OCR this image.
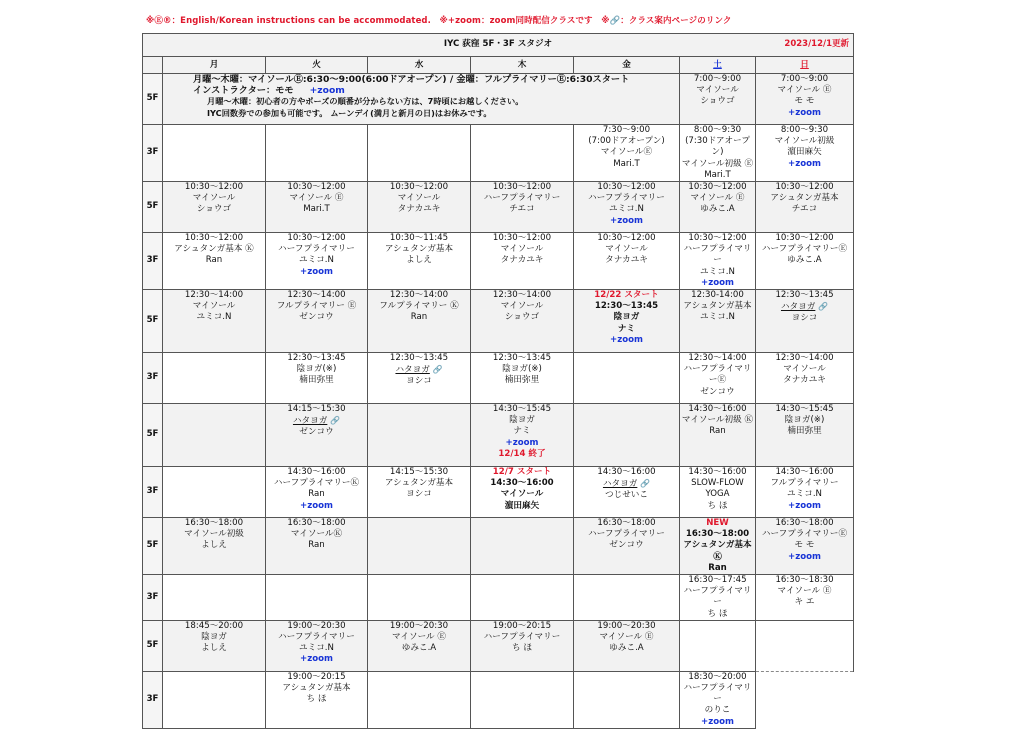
※Ⓔ®：English/Korean instructions can be accommodated.　※+zoom：zoom同時配信クラスです　※🔗：クラス案内ページのリンク
IYC 荻窪 5F・3F スタジオ 2023/12/1更新							

	月	火	水	木	金	土	日
5F	月曜～木曜：マイソールⒺ:6:30～9:00(6:00ドアオープン) / 金曜：フルプライマリーⒺ:6:30スタート
インストラクター：モモ +zoom
月曜～木曜：初心者の方やポーズの順番が分からない方は、7時頃にお越しください。
IYC回数券での参加も可能です。 ムーンデイ(満月と新月の日)はお休みです。					7:00～9:00
マイソール
ショウゴ	7:00～9:00
マイソール Ⓔ
モ モ
+zoom

3F					7:30～9:00
(7:00ドアオープン)
マイソールⒺ
Mari.T	8:00～9:30
(7:30ドアオープン)
マイソール初級 Ⓔ
Mari.T	8:00～9:30
マイソール初級
濵田麻矢
+zoom

5F	10:30～12:00
マイソール
ショウゴ	10:30～12:00
マイソール Ⓔ
Mari.T	10:30～12:00
マイソール
タナカユキ	10:30～12:00
ハーフプライマリー
チエコ	10:30～12:00
ハーフプライマリー
ユミコ.N
+zoom	10:30～12:00
マイソール Ⓔ
ゆみこ.A	10:30～12:00
アシュタンガ基本
チエコ

3F	10:30～12:00
アシュタンガ基本 Ⓚ
Ran	10:30～12:00
ハーフプライマリー
ユミコ.N
+zoom	10:30～11:45
アシュタンガ基本
よしえ	10:30～12:00
マイソール
タナカユキ	10:30～12:00
マイソール
タナカユキ	10:30～12:00
ハーフプライマリー
ユミコ.N
+zoom	10:30～12:00
ハーフプライマリーⒺ
ゆみこ.A

5F	12:30～14:00
マイソール
ユミコ.N	12:30～14:00
フルプライマリー Ⓔ
ゼンコウ	12:30～14:00
フルプライマリー Ⓚ
Ran	12:30～14:00
マイソール
ショウゴ	12/22 スタート
12:30～13:45
陰ヨガ
ナミ
+zoom	12:30-14:00
アシュタンガ基本
ユミコ.N	12:30～13:45
ハタヨガ 🔗
ヨシコ

3F		12:30～13:45
陰ヨガ(※)
楠田弥里	12:30～13:45
ハタヨガ 🔗
ヨシコ	12:30～13:45
陰ヨガ(※)
楠田弥里		12:30～14:00
ハーフプライマリーⒺ
ゼンコウ	12:30～14:00
マイソール
タナカユキ

5F		14:15～15:30
ハタヨガ 🔗
ゼンコウ		14:30～15:45
陰ヨガ
ナミ
+zoom
12/14 終了		14:30～16:00
マイソール初級 Ⓚ
Ran	14:30～15:45
陰ヨガ(※)
楠田弥里

3F		14:30～16:00
ハーフプライマリーⓀ
Ran
+zoom	14:15～15:30
アシュタンガ基本
ヨシコ	12/7 スタート
14:30～16:00
マイソール
濵田麻矢	14:30～16:00
ハタヨガ 🔗
つじせいこ	14:30～16:00
SLOW-FLOW YOGA
ち ほ	14:30～16:00
フルプライマリー
ユミコ.N
+zoom

5F	16:30～18:00
マイソール初級
よしえ	16:30～18:00
マイソールⓀ
Ran			16:30～18:00
ハーフプライマリー
ゼンコウ	NEW
16:30～18:00
アシュタンガ基本 Ⓚ
Ran	16:30～18:00
ハーフプライマリーⒺ
モ モ
+zoom

3F						16:30～17:45
ハーフプライマリー
ち ほ	16:30～18:30
マイソール Ⓔ
キ エ

5F	18:45～20:00
陰ヨガ
よしえ	19:00～20:30
ハーフプライマリー
ユミコ.N
+zoom	19:00～20:30
マイソール Ⓔ
ゆみこ.A	19:00～20:15
ハーフプライマリー
ち ほ	19:00～20:30
マイソール Ⓔ
ゆみこ.A		

3F		19:00～20:15
アシュタンガ基本
ち ほ				18:30～20:00
ハーフプライマリー
のりこ
+zoom	
